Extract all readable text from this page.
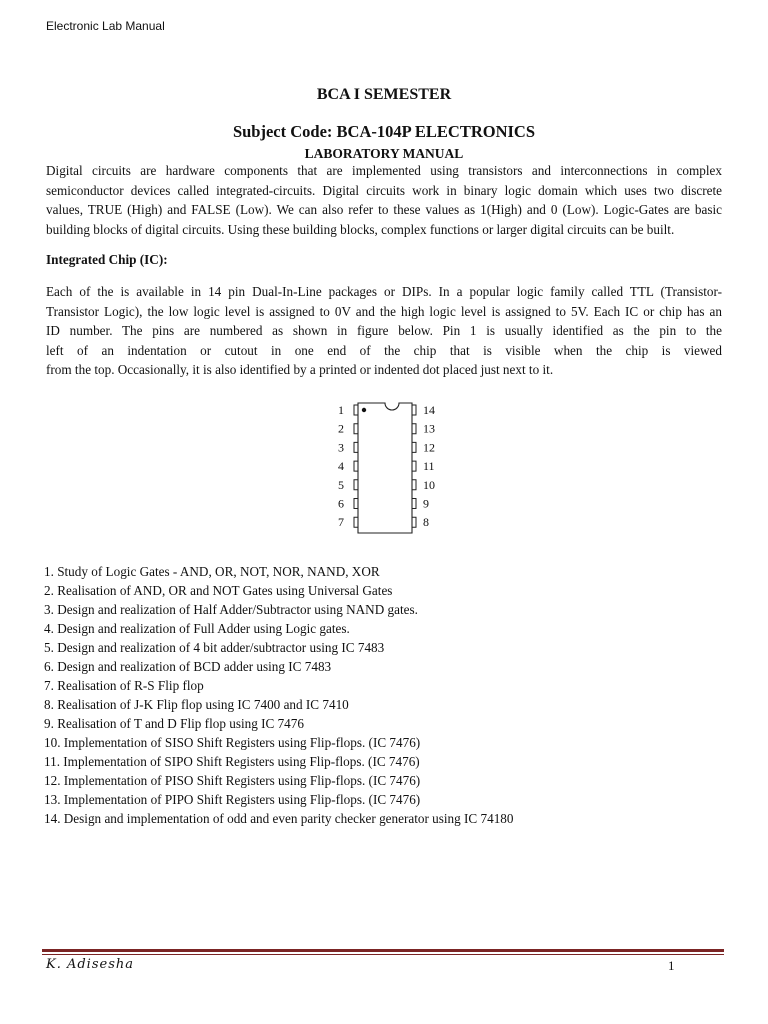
Electronic Lab Manual
BCA I SEMESTER
Subject Code: BCA-104P ELECTRONICS
LABORATORY MANUAL
Digital circuits are hardware components that are implemented using transistors and interconnections in complex
semiconductor devices called integrated-circuits. Digital circuits work in binary logic domain which uses two discrete
values, TRUE (High) and FALSE (Low). We can also refer to these values as 1(High) and 0 (Low). Logic-Gates are basic
building blocks of digital circuits. Using these building blocks, complex functions or larger digital circuits can be built.
Integrated Chip (IC):
Each of the is available in 14 pin Dual-In-Line packages or DIPs. In a popular logic family called TTL (Transistor-
Transistor Logic), the low logic level is assigned to 0V and the high logic level is assigned to 5V. Each IC or chip has an
ID number. The pins are numbered as shown in figure below. Pin 1 is usually identified as the pin to the
left of an indentation or cutout in one end of the chip that is visible when the chip is viewed
from the top. Occasionally, it is also identified by a printed or indented dot placed just next to it.
1
2
3
4
5
6
7
14
13
12
11
10
9
8
1. Study of Logic Gates - AND, OR, NOT, NOR, NAND, XOR
2. Realisation of AND, OR and NOT Gates using Universal Gates
3. Design and realization of Half Adder/Subtractor using NAND gates.
4. Design and realization of Full Adder using Logic gates.
5. Design and realization of 4 bit adder/subtractor using IC 7483
6. Design and realization of BCD adder using IC 7483
7. Realisation of R-S Flip flop
8. Realisation of J-K Flip flop using IC 7400 and IC 7410
9. Realisation of T and D Flip flop using IC 7476
10. Implementation of SISO Shift Registers using Flip-flops. (IC 7476)
11. Implementation of SIPO Shift Registers using Flip-flops. (IC 7476)
12. Implementation of PISO Shift Registers using Flip-flops. (IC 7476)
13. Implementation of PIPO Shift Registers using Flip-flops. (IC 7476)
14. Design and implementation of odd and even parity checker generator using IC 74180
K. Adisesha	1
